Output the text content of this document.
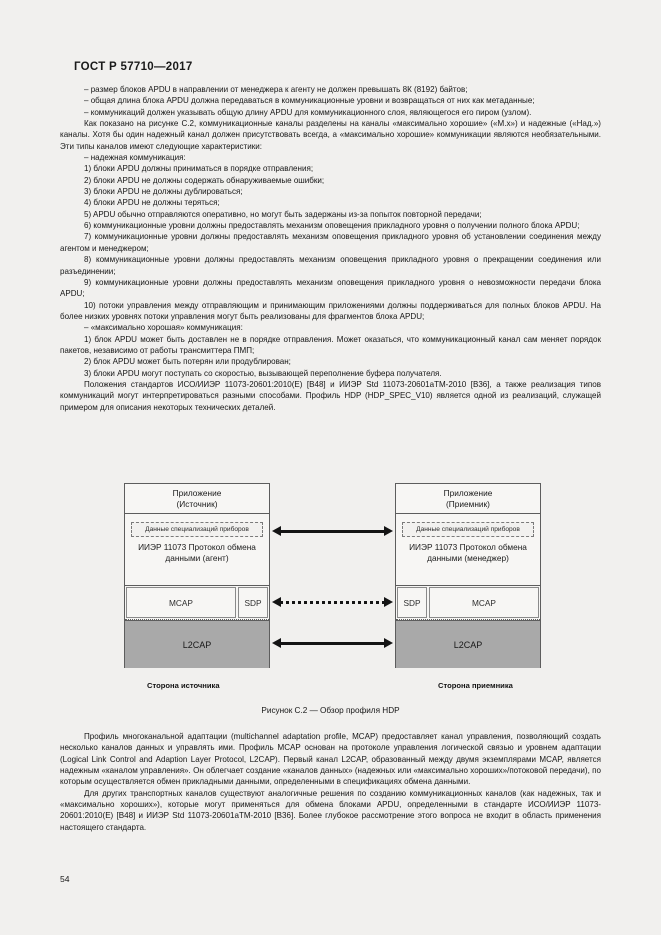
ГОСТ Р 57710—2017

– размер блоков APDU в направлении от менеджера к агенту не должен превышать 8К (8192) байтов;

– общая длина блока APDU должна передаваться в коммуникационные уровни и возвращаться от них как метаданные;

– коммуникаций должен указывать общую длину APDU для коммуникационного слоя, являющегося его пиром (узлом).

Как показано на рисунке С.2, коммуникационные каналы разделены на каналы «максимально хорошие» («М.х») и надежные («Над.») каналы. Хотя бы один надежный канал должен присутствовать всегда, а «максимально хорошие» коммуникации являются необязательными. Эти типы каналов имеют следующие характеристики:

– надежная коммуникация:

1) блоки APDU должны приниматься в порядке отправления;

2) блоки APDU не должны содержать обнаруживаемые ошибки;

3) блоки APDU не должны дублироваться;

4) блоки APDU не должны теряться;

5) APDU обычно отправляются оперативно, но могут быть задержаны из-за попыток повторной передачи;

6) коммуникационные уровни должны предоставлять механизм оповещения прикладного уровня о получении полного блока APDU;

7) коммуникационные уровни должны предоставлять механизм оповещения прикладного уровня об установлении соединения между агентом и менеджером;

8) коммуникационные уровни должны предоставлять механизм оповещения прикладного уровня о прекращении соединения или разъединении;

9) коммуникационные уровни должны предоставлять механизм оповещения прикладного уровня о невозможности передачи блока APDU;

10) потоки управления между отправляющим и принимающим приложениями должны поддерживаться для полных блоков APDU. На более низких уровнях потоки управления могут быть реализованы для фрагментов блока APDU;

– «максимально хорошая» коммуникация:

1) блок APDU может быть доставлен не в порядке отправления. Может оказаться, что коммуникационный канал сам меняет порядок пакетов, независимо от работы трансмиттера ПМП;

2) блок APDU может быть потерян или продублирован;

3) блоки APDU могут поступать со скоростью, вызывающей переполнение буфера получателя.

Положения стандартов ИСО/ИИЭР 11073-20601:2010(Е) [В48] и ИИЭР Std 11073-20601аТМ-2010 [В36], а также реализация типов коммуникаций могут интерпретироваться разными способами. Профиль HDP (HDP_SPEC_V10) является одной из реализаций, служащей примером для описания некоторых технических деталей.

Приложение
(Источник)
Данные специализаций приборов
ИИЭР 11073 Протокол обмена
данными (агент)
MCAP	SDP
L2CAP
Приложение
(Приемник)
Данные специализаций приборов
ИИЭР 11073 Протокол обмена
данными (менеджер)
SDP	MCAP
L2CAP
Сторона источника	Сторона приемника
Рисунок С.2 — Обзор профиля HDP

Профиль многоканальной адаптации (multichannel adaptation profile, MCAP) предоставляет канал управления, позволяющий создать несколько каналов данных и управлять ими. Профиль MCAP основан на протоколе управления логической связью и уровнем адаптации (Logical Link Control and Adaption Layer Protocol, L2CAP). Первый канал L2CAP, образованный между двумя экземплярами MCAP, является надежным «каналом управления». Он облегчает создание «каналов данных» (надежных или «максимально хороших»/потоковой передачи), по которым осуществляется обмен прикладными данными, определенными в спецификациях обмена данными.

Для других транспортных каналов существуют аналогичные решения по созданию коммуникационных каналов (как надежных, так и «максимально хороших»), которые могут применяться для обмена блоками APDU, определенными в стандарте ИСО/ИИЭР 11073-20601:2010(Е) [В48] и ИИЭР Std 11073-20601аТМ-2010 [В36]. Более глубокое рассмотрение этого вопроса не входит в область применения настоящего стандарта.

54
